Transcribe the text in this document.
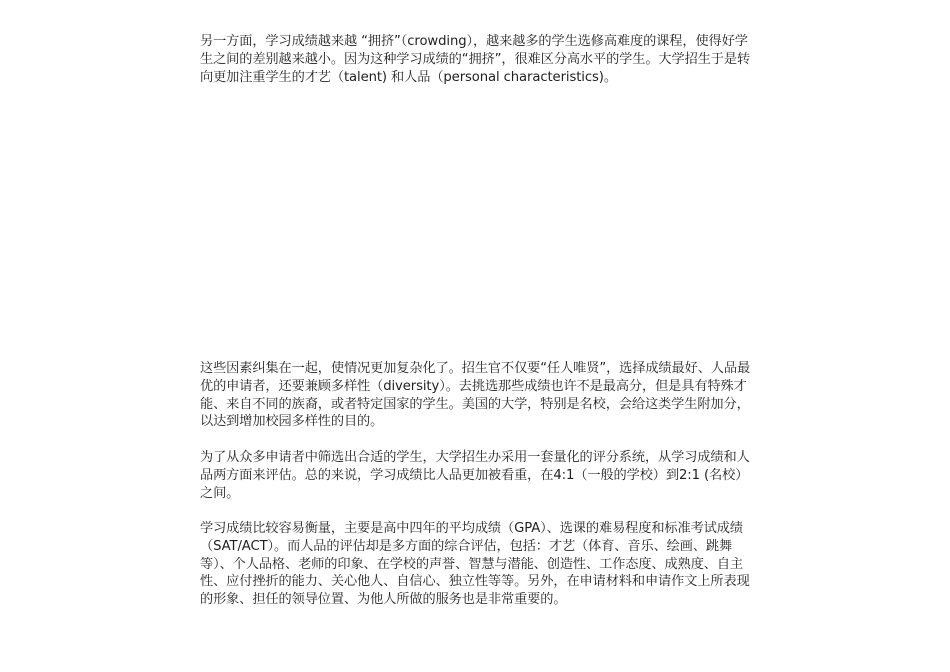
另一方面，学习成绩越来越 “拥挤”（crowding），越来越多的学生选修高难度的课程，使得好学生之间的差别越来越小。因为这种学习成绩的“拥挤”，很难区分高水平的学生。大学招生于是转向更加注重学生的才艺（talent) 和人品（personal characteristics)。

这些因素纠集在一起，使情况更加复杂化了。招生官不仅要“任人唯贤”，选择成绩最好、人品最优的申请者，还要兼顾多样性（diversity）。去挑选那些成绩也许不是最高分，但是具有特殊才能、来自不同的族裔，或者特定国家的学生。美国的大学，特别是名校，会给这类学生附加分，以达到增加校园多样性的目的。

为了从众多申请者中筛选出合适的学生，大学招生办采用一套量化的评分系统，从学习成绩和人品两方面来评估。总的来说，学习成绩比人品更加被看重，在4:1（一般的学校）到2:1 (名校）之间。

学习成绩比较容易衡量，主要是高中四年的平均成绩（GPA）、选课的难易程度和标准考试成绩（SAT/ACT）。而人品的评估却是多方面的综合评估，包括：才艺（体育、音乐、绘画、跳舞等）、个人品格、老师的印象、在学校的声誉、智慧与潜能、创造性、工作态度、成熟度、自主性、应付挫折的能力、关心他人、自信心、独立性等等。另外，在申请材料和申请作文上所表现的形象、担任的领导位置、为他人所做的服务也是非常重要的。
